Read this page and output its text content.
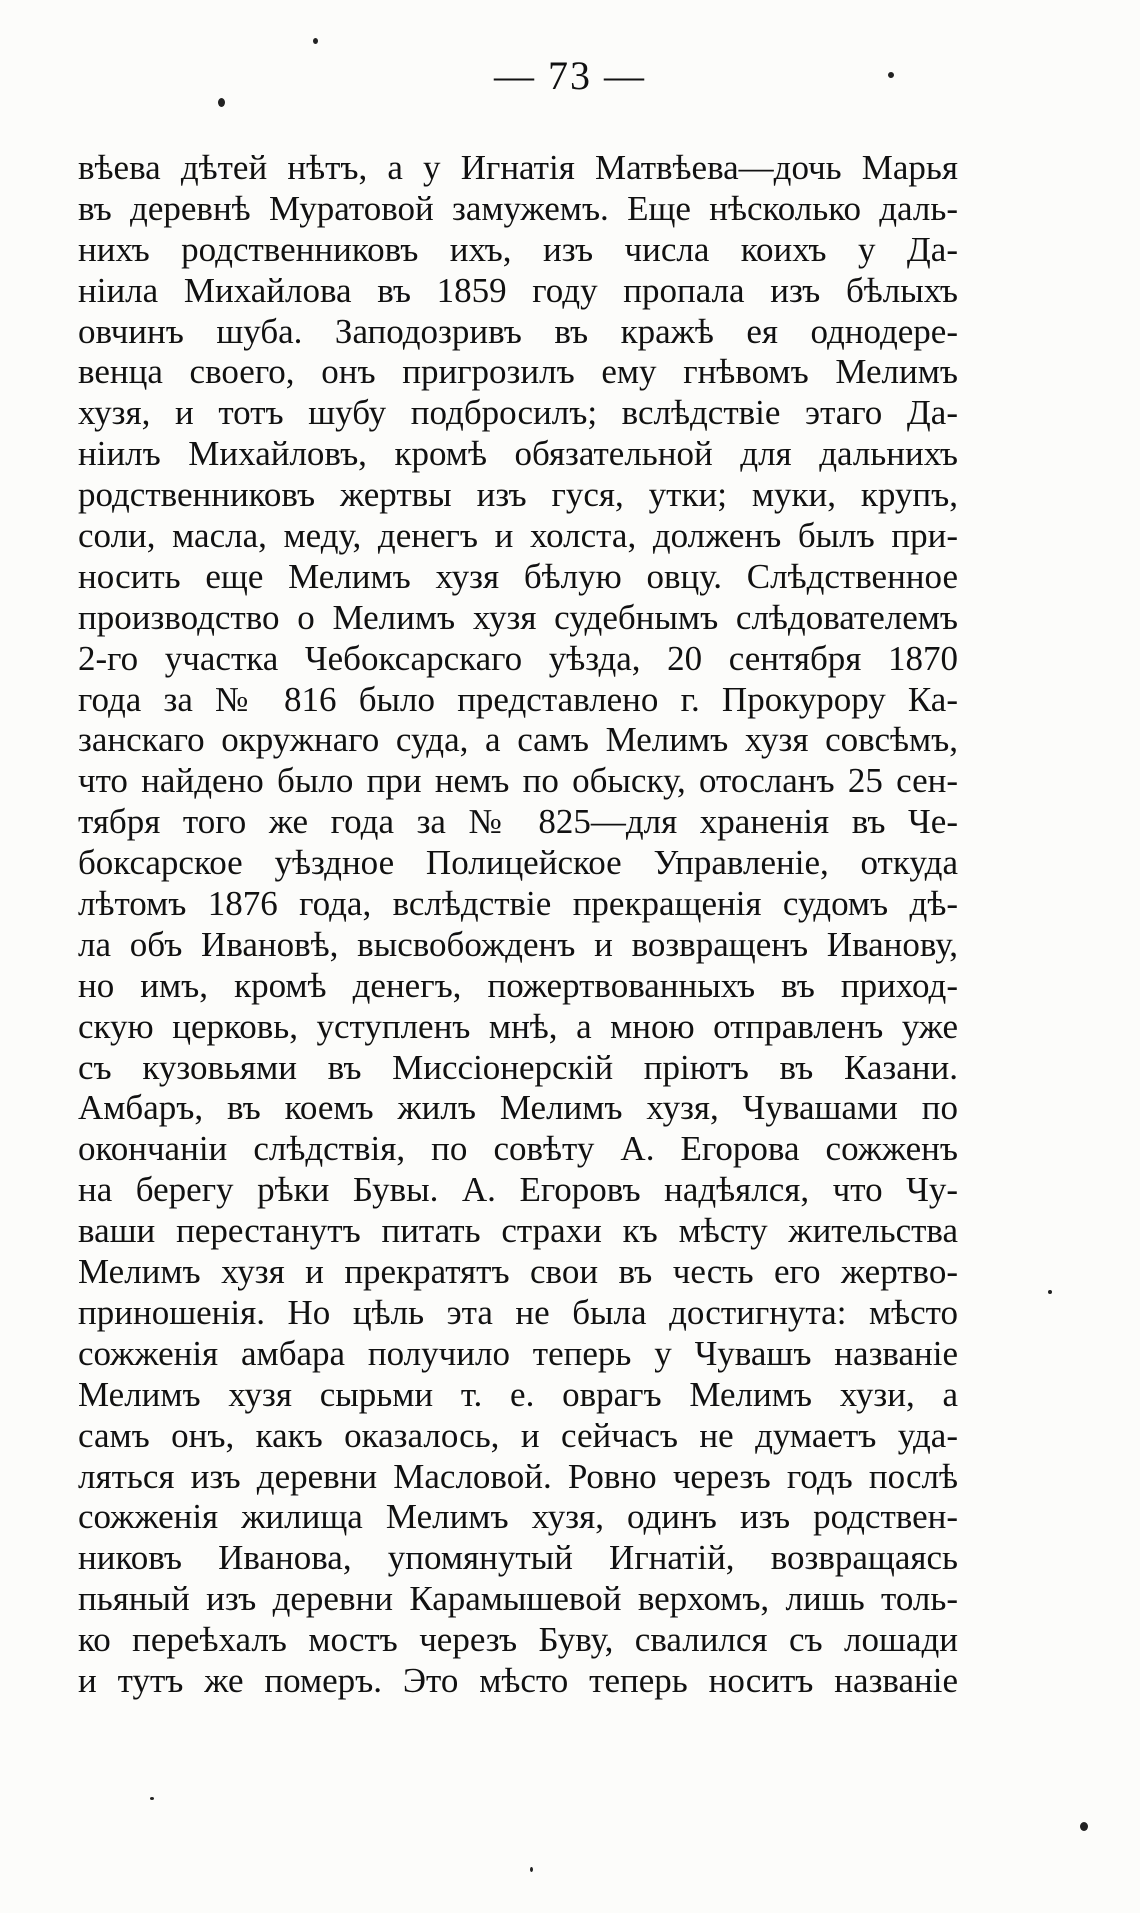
— 73 —
вѣева дѣтей нѣтъ, а у Игнатія Матвѣева—дочь Марья
въ деревнѣ Муратовой замужемъ. Еще нѣсколько даль-
нихъ родственниковъ ихъ, изъ числа коихъ у Да-
ніила Михайлова въ 1859 году пропала изъ бѣлыхъ
овчинъ шуба. Заподозривъ въ кражѣ ея однодере-
венца своего, онъ пригрозилъ ему гнѣвомъ Мелимъ
хузя, и тотъ шубу подбросилъ; вслѣдствіе этаго Да-
ніилъ Михайловъ, кромѣ обязательной для дальнихъ
родственниковъ жертвы изъ гуся, утки; муки, крупъ,
соли, масла, меду, денегъ и холста, долженъ былъ при-
носить еще Мелимъ хузя бѣлую овцу. Слѣдственное
производство о Мелимъ хузя судебнымъ слѣдователемъ
2-го участка Чебоксарскаго уѣзда, 20 сентября 1870
года за № 816 было представлено г. Прокурору Ка-
занскаго окружнаго суда, а самъ Мелимъ хузя совсѣмъ,
что найдено было при немъ по обыску, отосланъ 25 сен-
тября того же года за № 825—для храненія въ Че-
боксарское уѣздное Полицейское Управленіе, откуда
лѣтомъ 1876 года, вслѣдствіе прекращенія судомъ дѣ-
ла объ Ивановѣ, высвобожденъ и возвращенъ Иванову,
но имъ, кромѣ денегъ, пожертвованныхъ въ приход-
скую церковь, уступленъ мнѣ, а мною отправленъ уже
съ кузовьями въ Миссіонерскій пріютъ въ Казани.
Амбаръ, въ коемъ жилъ Мелимъ хузя, Чувашами по
окончаніи слѣдствія, по совѣту А. Егорова сожженъ
на берегу рѣки Бувы. А. Егоровъ надѣялся, что Чу-
ваши перестанутъ питать страхи къ мѣсту жительства
Мелимъ хузя и прекратятъ свои въ честь его жертво-
приношенія. Но цѣль эта не была достигнута: мѣсто
сожженія амбара получило теперь у Чувашъ названіе
Мелимъ хузя сырьми т. е. оврагъ Мелимъ хузи, а
самъ онъ, какъ оказалось, и сейчасъ не думаетъ уда-
ляться изъ деревни Масловой. Ровно черезъ годъ послѣ
сожженія жилища Мелимъ хузя, одинъ изъ родствен-
никовъ Иванова, упомянутый Игнатій, возвращаясь
пьяный изъ деревни Карамышевой верхомъ, лишь толь-
ко переѣхалъ мостъ черезъ Буву, свалился съ лошади
и тутъ же померъ. Это мѣсто теперь носитъ названіе
